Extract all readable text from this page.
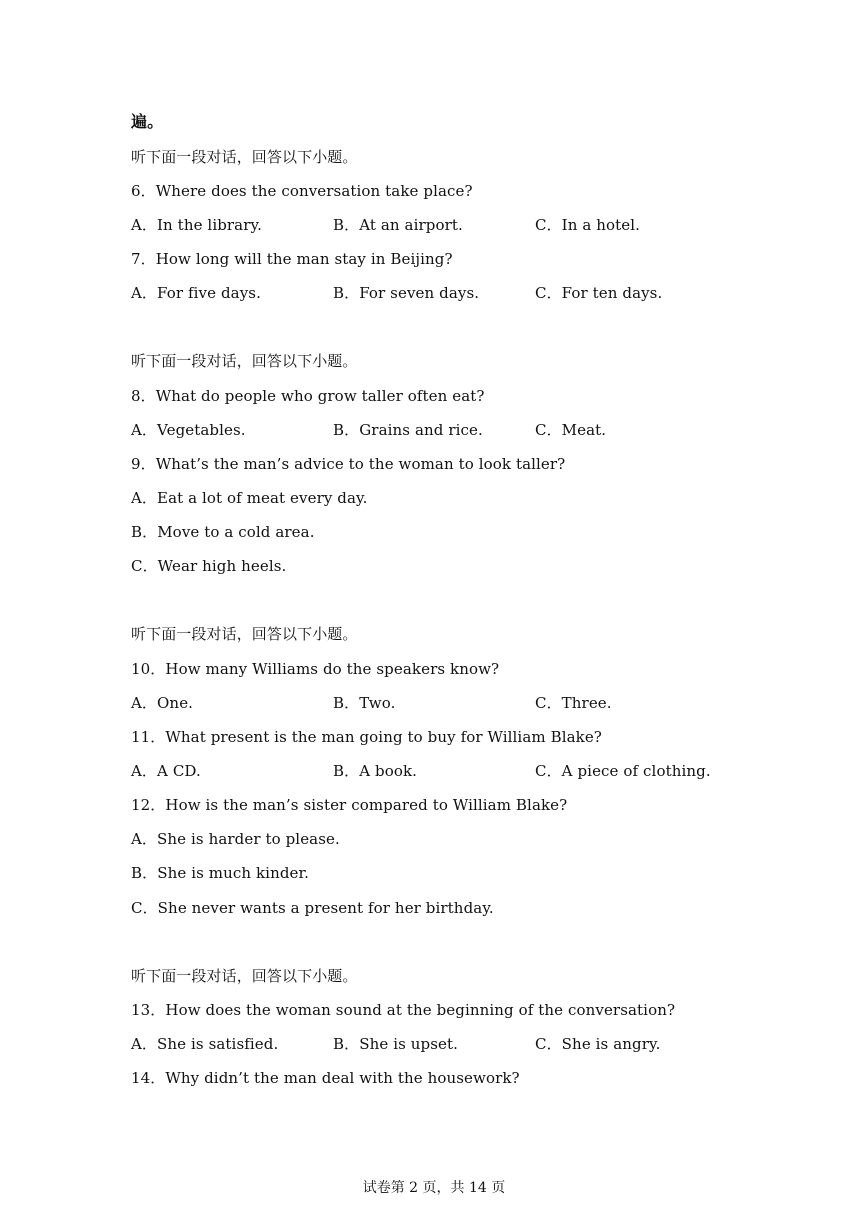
遍。
听下面一段对话，回答以下小题。
6．Where does the conversation take place?
A．In the library.	B．At an airport.	C．In a hotel.
7．How long will the man stay in Beijing?
A．For five days.	B．For seven days.	C．For ten days.
听下面一段对话，回答以下小题。
8．What do people who grow taller often eat?
A．Vegetables.	B．Grains and rice.	C．Meat.
9．What’s the man’s advice to the woman to look taller?
A．Eat a lot of meat every day.
B．Move to a cold area.
C．Wear high heels.
听下面一段对话，回答以下小题。
10．How many Williams do the speakers know?
A．One.	B．Two.	C．Three.
11．What present is the man going to buy for William Blake?
A．A CD.	B．A book.	C．A piece of clothing.
12．How is the man’s sister compared to William Blake?
A．She is harder to please.
B．She is much kinder.
C．She never wants a present for her birthday.
听下面一段对话，回答以下小题。
13．How does the woman sound at the beginning of the conversation?
A．She is satisfied.	B．She is upset.	C．She is angry.
14．Why didn’t the man deal with the housework?
试卷第 2 页，共 14 页
